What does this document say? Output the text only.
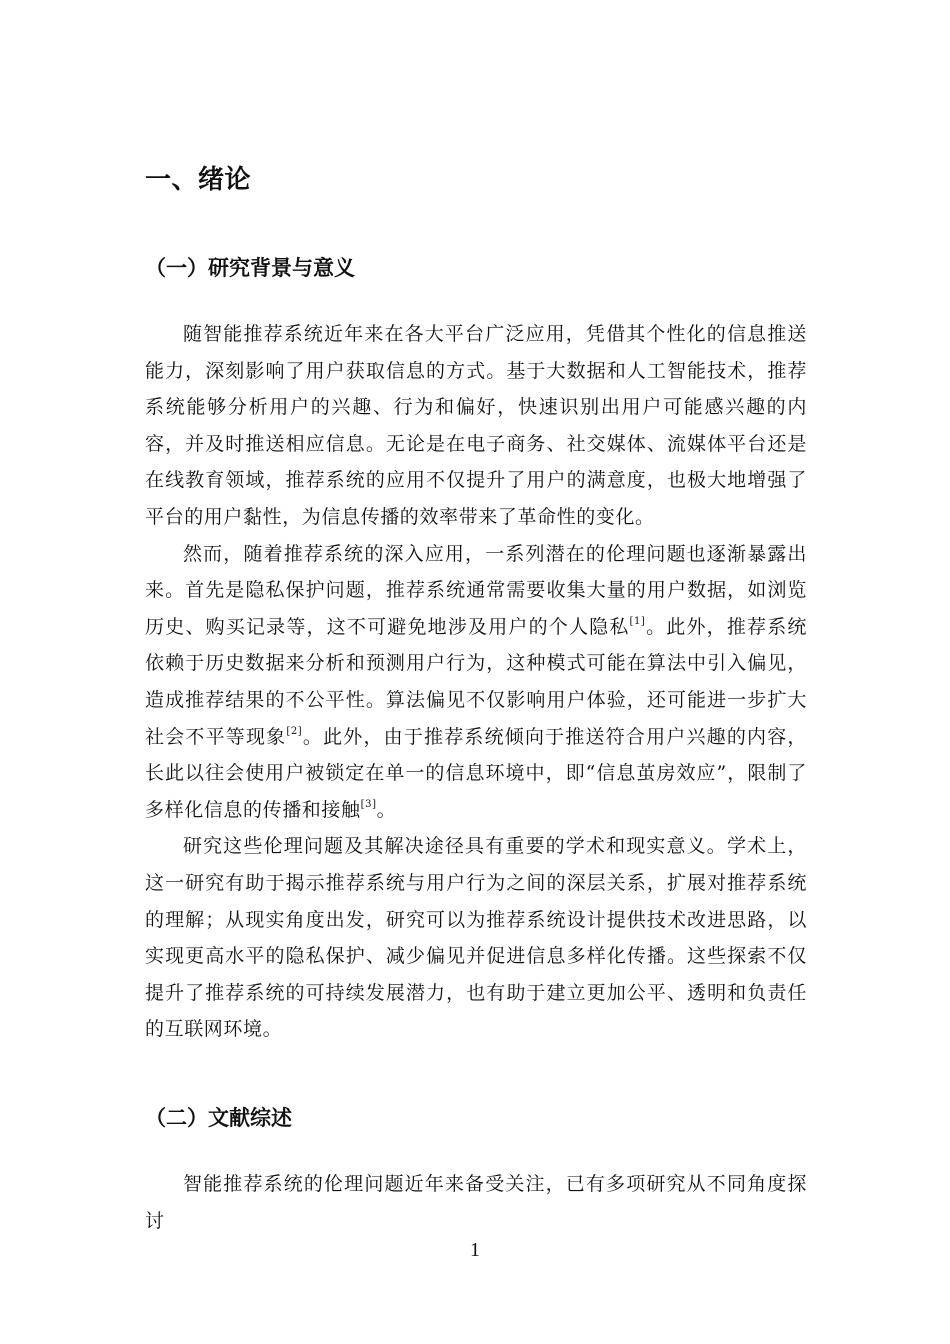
一、绪论
（一）研究背景与意义

随智能推荐系统近年来在各大平台广泛应用，凭借其个性化的信息推送能力，深刻影响了用户获取信息的方式。基于大数据和人工智能技术，推荐系统能够分析用户的兴趣、行为和偏好，快速识别出用户可能感兴趣的内容，并及时推送相应信息。无论是在电子商务、社交媒体、流媒体平台还是在线教育领域，推荐系统的应用不仅提升了用户的满意度，也极大地增强了平台的用户黏性，为信息传播的效率带来了革命性的变化。

然而，随着推荐系统的深入应用，一系列潜在的伦理问题也逐渐暴露出来。首先是隐私保护问题，推荐系统通常需要收集大量的用户数据，如浏览历史、购买记录等，这不可避免地涉及用户的个人隐私[1]。此外，推荐系统依赖于历史数据来分析和预测用户行为，这种模式可能在算法中引入偏见，造成推荐结果的不公平性。算法偏见不仅影响用户体验，还可能进一步扩大社会不平等现象[2]。此外，由于推荐系统倾向于推送符合用户兴趣的内容，长此以往会使用户被锁定在单一的信息环境中，即“信息茧房效应”，限制了多样化信息的传播和接触[3]。

研究这些伦理问题及其解决途径具有重要的学术和现实意义。学术上，这一研究有助于揭示推荐系统与用户行为之间的深层关系，扩展对推荐系统的理解；从现实角度出发，研究可以为推荐系统设计提供技术改进思路，以实现更高水平的隐私保护、减少偏见并促进信息多样化传播。这些探索不仅提升了推荐系统的可持续发展潜力，也有助于建立更加公平、透明和负责任的互联网环境。

（二）文献综述

智能推荐系统的伦理问题近年来备受关注，已有多项研究从不同角度探讨

1
